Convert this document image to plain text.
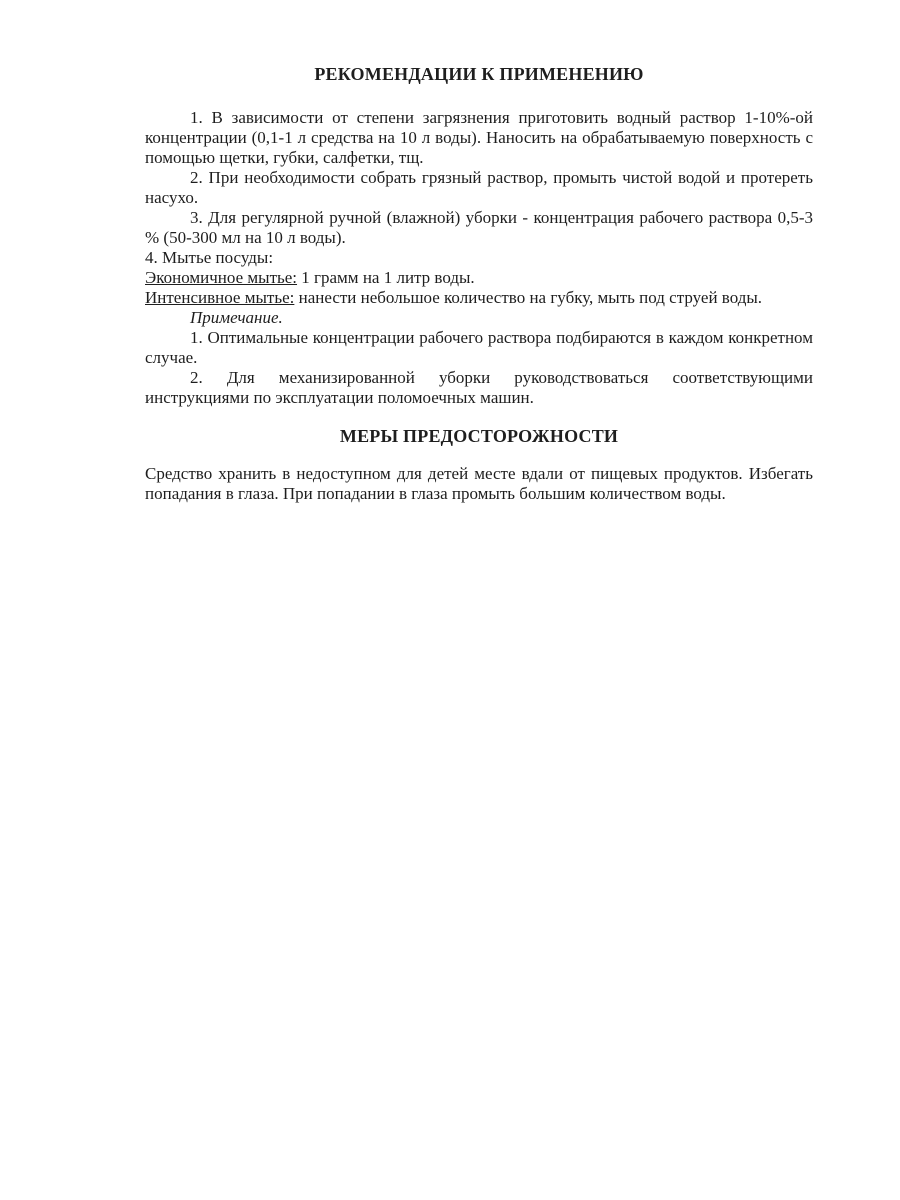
РЕКОМЕНДАЦИИ К ПРИМЕНЕНИЮ

1. В зависимости от степени загрязнения приготовить водный раствор 1-10%-ой концентрации (0,1-1 л средства на 10 л воды). Наносить на обрабатываемую поверхность с помощью щетки, губки, салфетки, тщ.

2. При необходимости собрать грязный раствор, промыть чистой водой и протереть насухо.

3. Для регулярной ручной (влажной) уборки - концентрация рабочего раствора 0,5-3 % (50-300 мл на 10 л воды).

4. Мытье посуды:

Экономичное мытье: 1 грамм на 1 литр воды.

Интенсивное мытье: нанести небольшое количество на губку, мыть под струей воды.

Примечание.

1. Оптимальные концентрации рабочего раствора подбираются в каждом конкретном случае.

2. Для механизированной уборки руководствоваться соответствующими инструкциями по эксплуатации поломоечных машин.

МЕРЫ ПРЕДОСТОРОЖНОСТИ

Средство хранить в недоступном для детей месте вдали от пищевых продуктов. Избегать попадания в глаза. При попадании в глаза промыть большим количеством воды.
